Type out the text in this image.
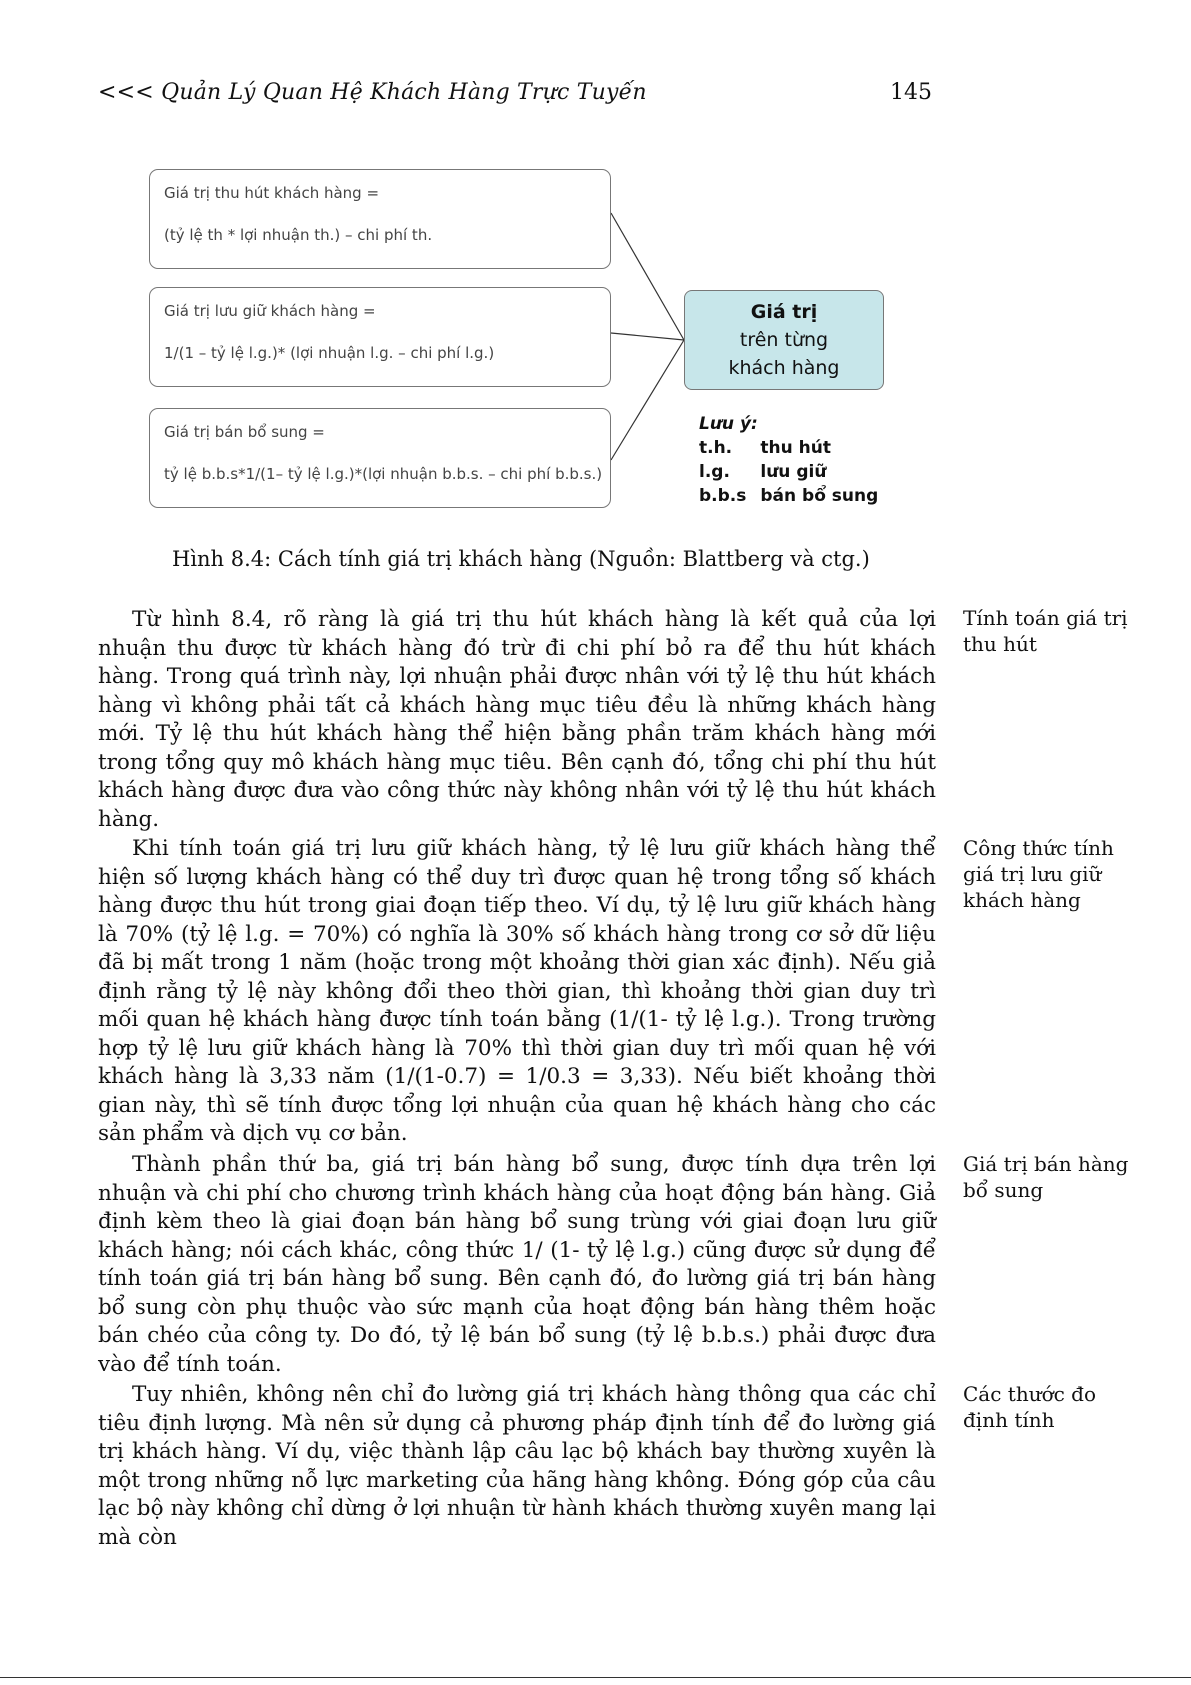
<<< Quản Lý Quan Hệ Khách Hàng Trực Tuyến	145
Giá trị thu hút khách hàng =
(tỷ lệ th * lợi nhuận th.) – chi phí th.
Giá trị lưu giữ khách hàng =
1/(1 – tỷ lệ l.g.)* (lợi nhuận l.g. – chi phí l.g.)
Giá trị bán bổ sung =
tỷ lệ b.b.s*1/(1– tỷ lệ l.g.)*(lợi nhuận b.b.s. – chi phí b.b.s.)
Giá trị
trên từng
khách hàng
Lưu ý:
t.h.	thu hút
l.g.	lưu giữ
b.b.s	bán bổ sung
Hình 8.4: Cách tính giá trị khách hàng (Nguồn: Blattberg và ctg.)

Từ hình 8.4, rõ ràng là giá trị thu hút khách hàng là kết quả của lợi nhuận thu được từ khách hàng đó trừ đi chi phí bỏ ra để thu hút khách hàng. Trong quá trình này, lợi nhuận phải được nhân với tỷ lệ thu hút khách hàng vì không phải tất cả khách hàng mục tiêu đều là những khách hàng mới. Tỷ lệ thu hút khách hàng thể hiện bằng phần trăm khách hàng mới trong tổng quy mô khách hàng mục tiêu. Bên cạnh đó, tổng chi phí thu hút khách hàng được đưa vào công thức này không nhân với tỷ lệ thu hút khách hàng.

Khi tính toán giá trị lưu giữ khách hàng, tỷ lệ lưu giữ khách hàng thể hiện số lượng khách hàng có thể duy trì được quan hệ trong tổng số khách hàng được thu hút trong giai đoạn tiếp theo. Ví dụ, tỷ lệ lưu giữ khách hàng là 70% (tỷ lệ l.g. = 70%) có nghĩa là 30% số khách hàng trong cơ sở dữ liệu đã bị mất trong 1 năm (hoặc trong một khoảng thời gian xác định). Nếu giả định rằng tỷ lệ này không đổi theo thời gian, thì khoảng thời gian duy trì mối quan hệ khách hàng được tính toán bằng (1/(1- tỷ lệ l.g.). Trong trường hợp tỷ lệ lưu giữ khách hàng là 70% thì thời gian duy trì mối quan hệ với khách hàng là 3,33 năm (1/(1-0.7) = 1/0.3 = 3,33). Nếu biết khoảng thời gian này, thì sẽ tính được tổng lợi nhuận của quan hệ khách hàng cho các sản phẩm và dịch vụ cơ bản.

Thành phần thứ ba, giá trị bán hàng bổ sung, được tính dựa trên lợi nhuận và chi phí cho chương trình khách hàng của hoạt động bán hàng. Giả định kèm theo là giai đoạn bán hàng bổ sung trùng với giai đoạn lưu giữ khách hàng; nói cách khác, công thức 1/ (1- tỷ lệ l.g.) cũng được sử dụng để tính toán giá trị bán hàng bổ sung. Bên cạnh đó, đo lường giá trị bán hàng bổ sung còn phụ thuộc vào sức mạnh của hoạt động bán hàng thêm hoặc bán chéo của công ty. Do đó, tỷ lệ bán bổ sung (tỷ lệ b.b.s.) phải được đưa vào để tính toán.

Tuy nhiên, không nên chỉ đo lường giá trị khách hàng thông qua các chỉ tiêu định lượng. Mà nên sử dụng cả phương pháp định tính để đo lường giá trị khách hàng. Ví dụ, việc thành lập câu lạc bộ khách bay thường xuyên là một trong những nỗ lực marketing của hãng hàng không. Đóng góp của câu lạc bộ này không chỉ dừng ở lợi nhuận từ hành khách thường xuyên mang lại mà còn

Tính toán giá trị thu hút
Công thức tính giá trị lưu giữ khách hàng
Giá trị bán hàng bổ sung
Các thước đo định tính
